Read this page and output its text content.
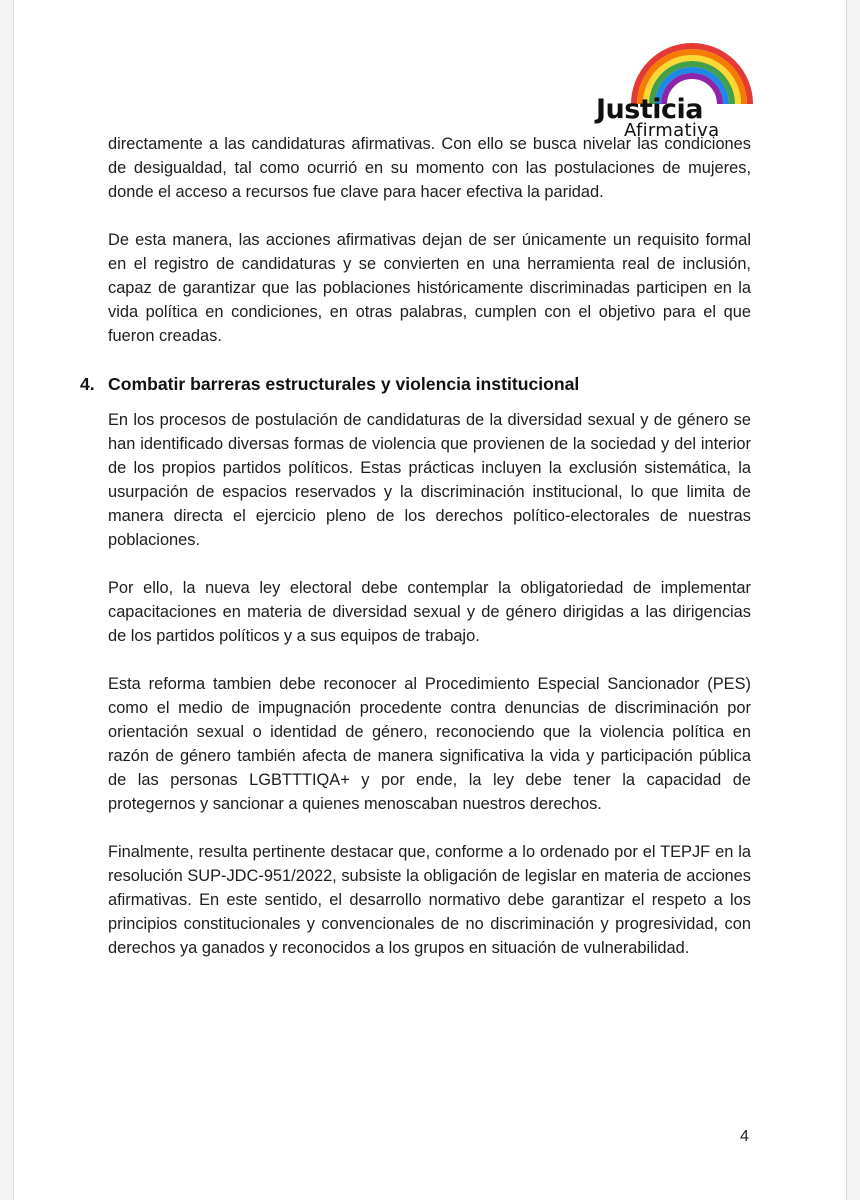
Justicia
Afirmativa

directamente a las candidaturas afirmativas. Con ello se busca nivelar las condiciones de desigualdad, tal como ocurrió en su momento con las postulaciones de mujeres, donde el acceso a recursos fue clave para hacer efectiva la paridad.

De esta manera, las acciones afirmativas dejan de ser únicamente un requisito formal en el registro de candidaturas y se convierten en una herramienta real de inclusión, capaz de garantizar que las poblaciones históricamente discriminadas participen en la vida política en condiciones, en otras palabras, cumplen con el objetivo para el que fueron creadas.

4. Combatir barreras estructurales y violencia institucional

En los procesos de postulación de candidaturas de la diversidad sexual y de género se han identificado diversas formas de violencia que provienen de la sociedad y del interior de los propios partidos políticos. Estas prácticas incluyen la exclusión sistemática, la usurpación de espacios reservados y la discriminación institucional, lo que limita de manera directa el ejercicio pleno de los derechos político-electorales de nuestras poblaciones.

Por ello, la nueva ley electoral debe contemplar la obligatoriedad de implementar capacitaciones en materia de diversidad sexual y de género dirigidas a las dirigencias de los partidos políticos y a sus equipos de trabajo.

Esta reforma tambien debe reconocer al Procedimiento Especial Sancionador (PES) como el medio de impugnación procedente contra denuncias de discriminación por orientación sexual o identidad de género, reconociendo que la violencia política en razón de género también afecta de manera significativa la vida y participación pública de las personas LGBTTTIQA+ y por ende, la ley debe tener la capacidad de protegernos y sancionar a quienes menoscaban nuestros derechos.

Finalmente, resulta pertinente destacar que, conforme a lo ordenado por el TEPJF en la resolución SUP-JDC-951/2022, subsiste la obligación de legislar en materia de acciones afirmativas. En este sentido, el desarrollo normativo debe garantizar el respeto a los principios constitucionales y convencionales de no discriminación y progresividad, con derechos ya ganados y reconocidos a los grupos en situación de vulnerabilidad.

4
